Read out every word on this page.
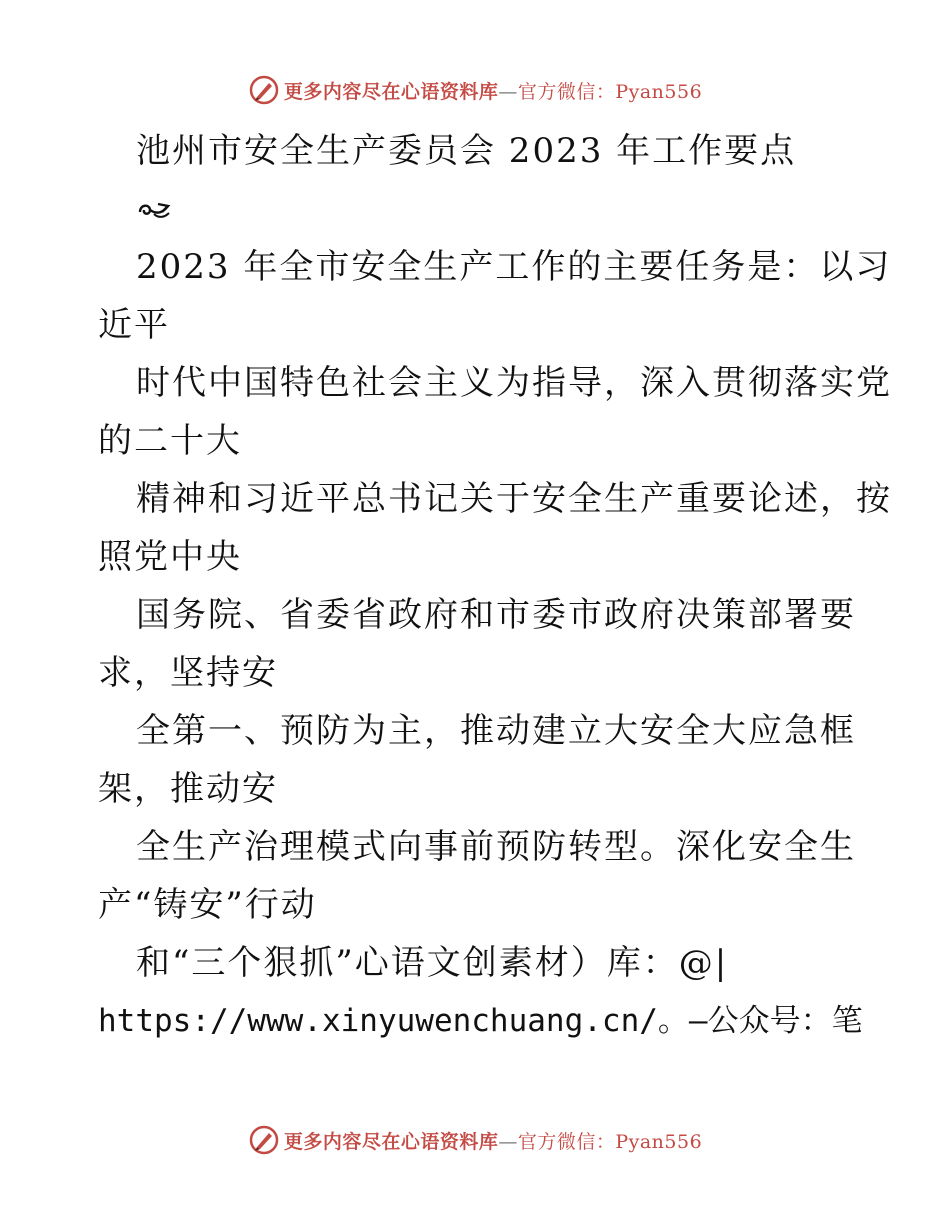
更多内容尽在心语资料库—官方微信：Pyan556
池州市安全生产委员会 2023 年工作要点
2023 年全市安全生产工作的主要任务是：以习
近平
时代中国特色社会主义为指导，深入贯彻落实党
的二十大
精神和习近平总书记关于安全生产重要论述，按
照党中央
国务院、省委省政府和市委市政府决策部署要
求，坚持安
全第一、预防为主，推动建立大安全大应急框
架，推动安
全生产治理模式向事前预防转型。深化安全生
产“铸安”行动
和“三个狠抓”心语文创素材）库：@|
https://www.xinyuwenchuang.cn/。—公众号：笔
更多内容尽在心语资料库—官方微信：Pyan556
